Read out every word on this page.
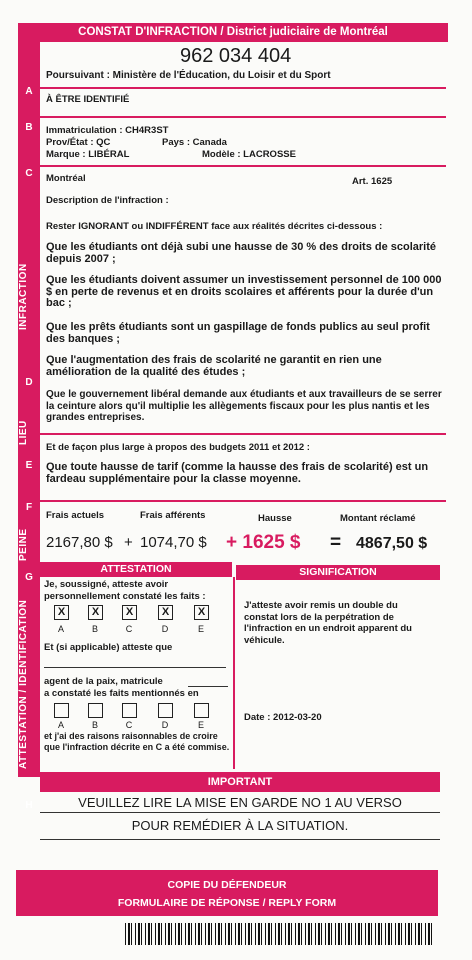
CONSTAT D'INFRACTION / District judiciaire de Montréal
A
B
C
INFRACTION
D
LIEU
E
F
PEINE
G
ATTESTATION / IDENTIFICATION
H
962 034 404
Poursuivant : Ministère de l'Éducation, du Loisir et du Sport
À ÊTRE IDENTIFIÉ
Immatriculation : CH4R3ST
Prov/État : QC	Pays : Canada
Marque : LIBÉRAL	Modèle : LACROSSE
Montréal	Art. 1625
Description de l'infraction :
Rester IGNORANT ou INDIFFÉRENT face aux réalités décrites ci-dessous :
Que les étudiants ont déjà subi une hausse de 30 % des droits de scolarité depuis 2007 ;
Que les étudiants doivent assumer un investissement personnel de 100 000 $ en perte de revenus et en droits scolaires et afférents pour la durée d'un bac ;
Que les prêts étudiants sont un gaspillage de fonds publics au seul profit des banques ;
Que l'augmentation des frais de scolarité ne garantit en rien une amélioration de la qualité des études ;
Que le gouvernement libéral demande aux étudiants et aux travailleurs de se serrer la ceinture alors qu'il multiplie les allègements fiscaux pour les plus nantis et les grandes entreprises.
Et de façon plus large à propos des budgets 2011 et 2012 :
Que toute hausse de tarif (comme la hausse des frais de scolarité) est un fardeau supplémentaire pour la classe moyenne.
Frais actuels	Frais afférents	Hausse	Montant réclamé
2167,80 $ + 1074,70 $ + 1625 $ = 4867,50 $
ATTESTATION	SIGNIFICATION
Je, soussigné, atteste avoir personnellement constaté les faits :
X	X	X	X	X
A	B	C	D	E
Et (si applicable) atteste que
agent de la paix, matricule
a constaté les faits mentionnés en
A	B	C	D	E
et j'ai des raisons raisonnables de croire que l'infraction décrite en C a été commise.
J'atteste avoir remis un double du constat lors de la perpétration de l'infraction en un endroit apparent du véhicule.
Date : 2012-03-20
IMPORTANT
VEUILLEZ LIRE LA MISE EN GARDE NO 1 AU VERSO
POUR REMÉDIER À LA SITUATION.
COPIE DU DÉFENDEUR
FORMULAIRE DE RÉPONSE / REPLY FORM
